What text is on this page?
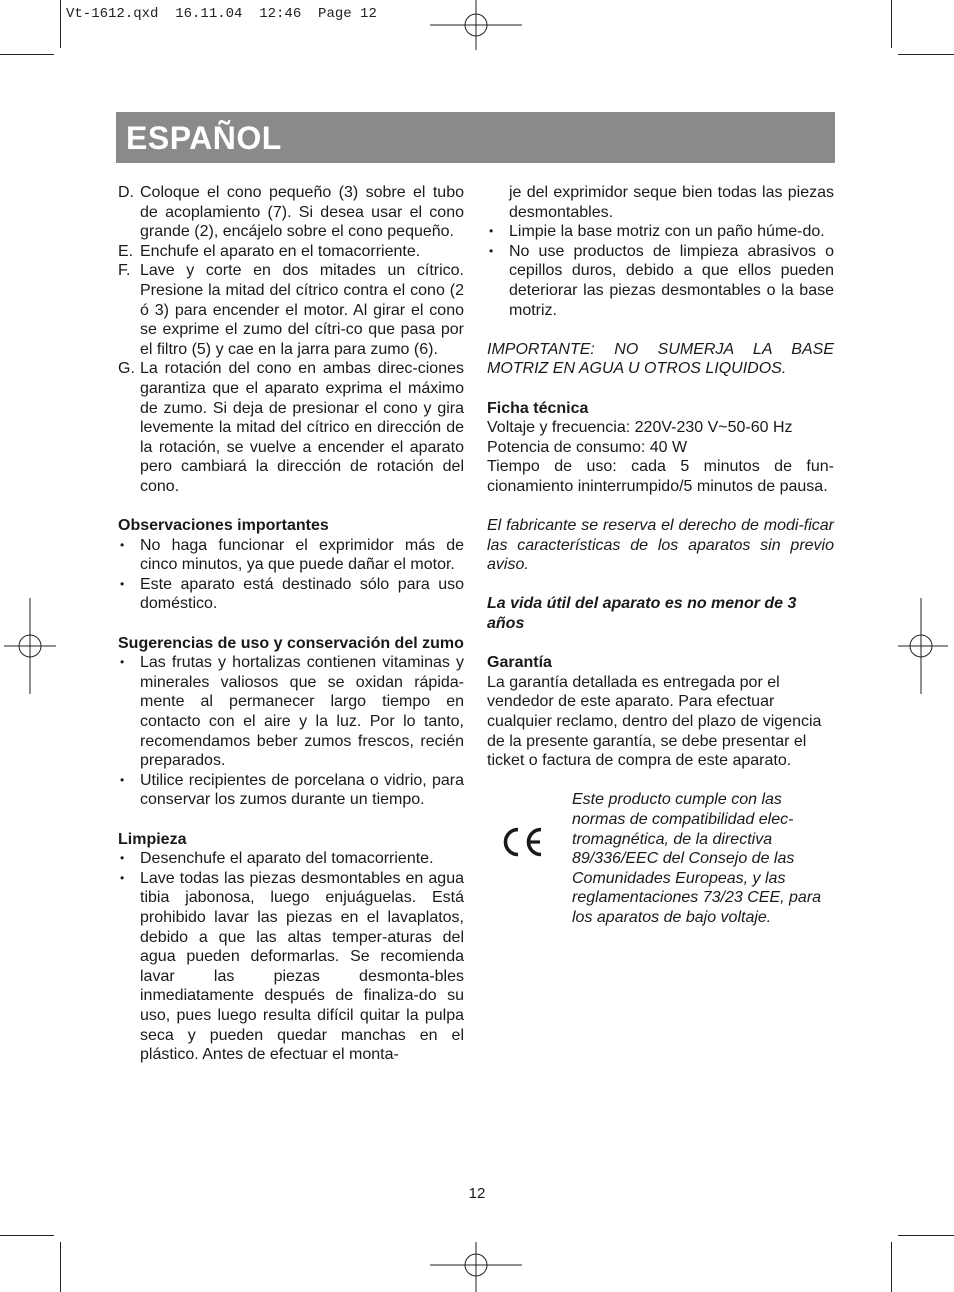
Vt-1612.qxd  16.11.04  12:46  Page 12
ESPAÑOL
D. Coloque el cono pequeño (3) sobre el tubo de acoplamiento (7). Si desea usar el cono grande (2), encájelo sobre el cono pequeño.

E. Enchufe el aparato en el tomacorriente.

F. Lave y corte en dos mitades un cítrico. Presione la mitad del cítrico contra el cono (2 ó 3) para encender el motor. Al girar el cono se exprime el zumo del cítri-co que pasa por el filtro (5) y cae en la jarra para zumo (6).

G. La rotación del cono en ambas direc-ciones garantiza que el aparato exprima el máximo de zumo. Si deja de presionar el cono y gira levemente la mitad del cítrico en dirección de la rotación, se vuelve a encender el aparato pero cambiará la dirección de rotación del cono.

Observaciones importantes

• No haga funcionar el exprimidor más de cinco minutos, ya que puede dañar el motor.

• Este aparato está destinado sólo para uso doméstico.

Sugerencias de uso y conservación del zumo

• Las frutas y hortalizas contienen vitaminas y minerales valiosos que se oxidan rápida-mente al permanecer largo tiempo en contacto con el aire y la luz. Por lo tanto, recomendamos beber zumos frescos, recién preparados.

• Utilice recipientes de porcelana o vidrio, para conservar los zumos durante un tiempo.

Limpieza

• Desenchufe el aparato del tomacorriente.

• Lave todas las piezas desmontables en agua tibia jabonosa, luego enjuáguelas. Está prohibido lavar las piezas en el lavaplatos, debido a que las altas temper-aturas del agua pueden deformarlas. Se recomienda lavar las piezas desmonta-bles inmediatamente después de finaliza-do su uso, pues luego resulta difícil quitar la pulpa seca y pueden quedar manchas en el plástico. Antes de efectuar el monta-

je del exprimidor seque bien todas las piezas desmontables.

• Limpie la base motriz con un paño húme-do.

• No use productos de limpieza abrasivos o cepillos duros, debido a que ellos pueden deteriorar las piezas desmontables o la base motriz.

IMPORTANTE: NO SUMERJA LA BASE MOTRIZ EN AGUA U OTROS LIQUIDOS.

Ficha técnica

Voltaje y frecuencia: 220V-230 V~50-60 Hz

Potencia de consumo: 40 W

Tiempo de uso: cada 5 minutos de fun-cionamiento ininterrumpido/5 minutos de pausa.

El fabricante se reserva el derecho de modi-ficar las características de los aparatos sin previo aviso.

La vida útil del aparato es no menor de 3 años

Garantía

La garantía detallada es entregada por el vendedor de este aparato. Para efectuar cualquier reclamo, dentro del plazo de vigencia de la presente garantía, se debe presentar el ticket o factura de compra de este aparato.

Este producto cumple con las normas de compatibilidad elec-tromagnética, de la directiva 89/336/EEC del Consejo de las Comunidades Europeas, y las reglamentaciones 73/23 CEE, para los aparatos de bajo voltaje.

12
